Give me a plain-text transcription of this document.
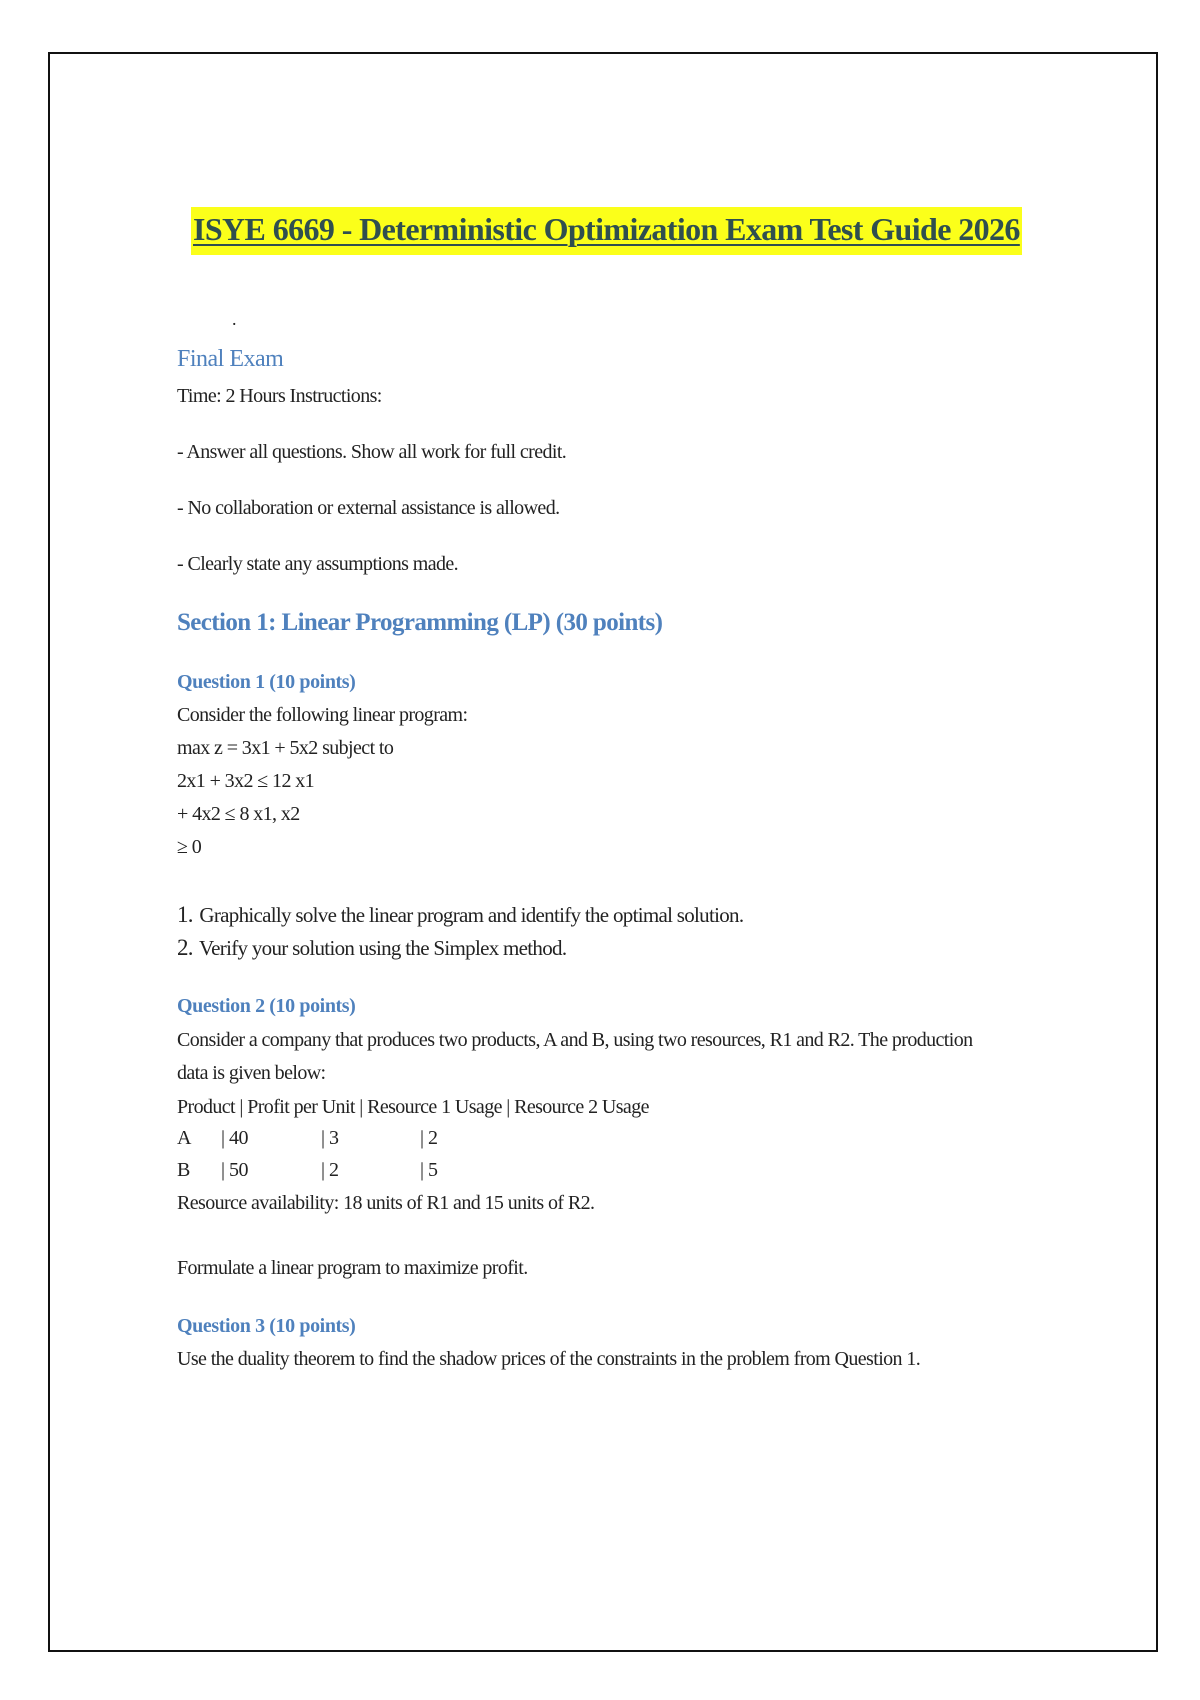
ISYE 6669 - Deterministic Optimization Exam Test Guide 2026
.
Final Exam
Time: 2 Hours Instructions:
- Answer all questions. Show all work for full credit.
- No collaboration or external assistance is allowed.
- Clearly state any assumptions made.
Section 1: Linear Programming (LP) (30 points)
Question 1 (10 points)
Consider the following linear program:
max z = 3x1 + 5x2 subject to
2x1 + 3x2 ≤ 12 x1
+ 4x2 ≤ 8 x1, x2
≥ 0
1. Graphically solve the linear program and identify the optimal solution.
2. Verify your solution using the Simplex method.
Question 2 (10 points)
Consider a company that produces two products, A and B, using two resources, R1 and R2. The production
data is given below:
Product | Profit per Unit | Resource 1 Usage | Resource 2 Usage
A | 40	| 3	| 2
B | 50	| 2	| 5
Resource availability: 18 units of R1 and 15 units of R2.
Formulate a linear program to maximize profit.
Question 3 (10 points)
Use the duality theorem to find the shadow prices of the constraints in the problem from Question 1.
